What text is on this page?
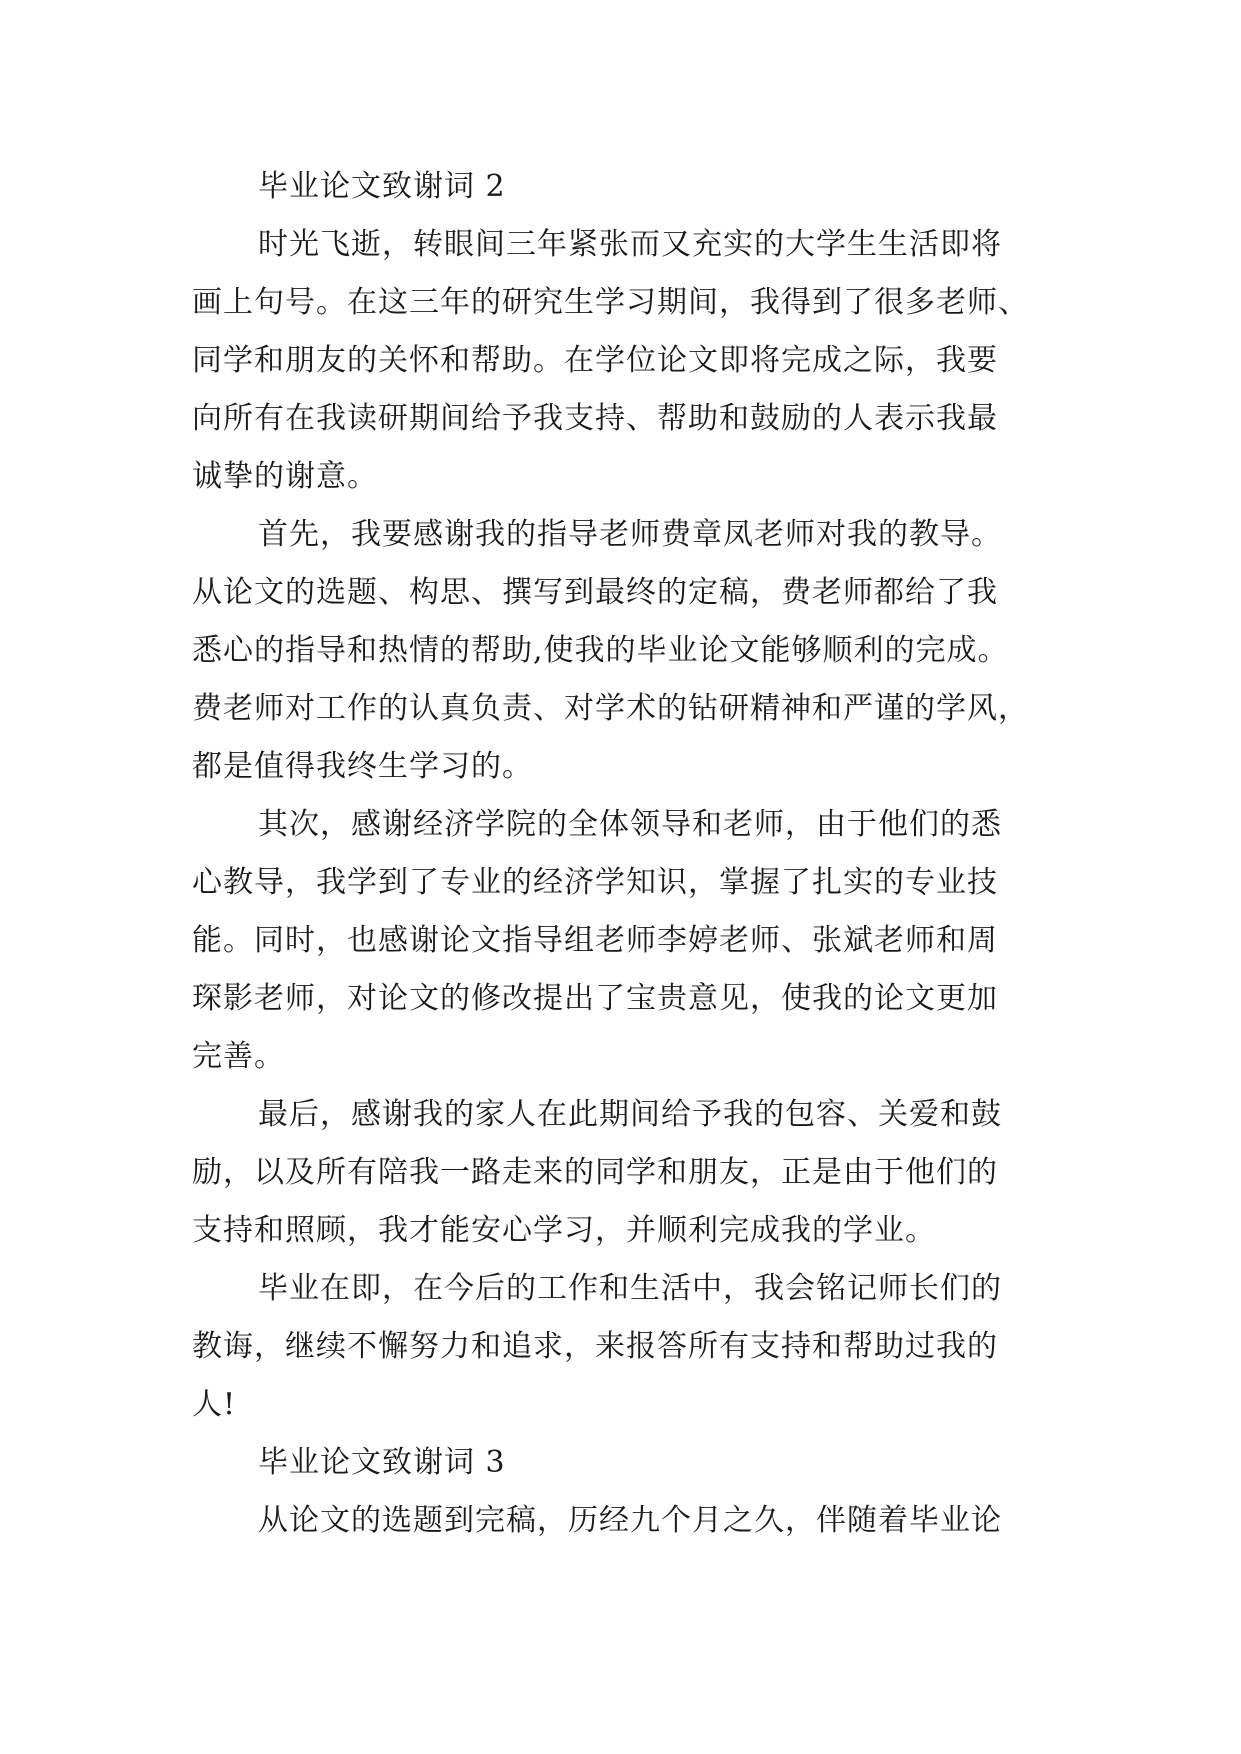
毕业论文致谢词 2
时光飞逝，转眼间三年紧张而又充实的大学生生活即将
画上句号。在这三年的研究生学习期间，我得到了很多老师、
同学和朋友的关怀和帮助。在学位论文即将完成之际，我要
向所有在我读研期间给予我支持、帮助和鼓励的人表示我最
诚挚的谢意。
首先，我要感谢我的指导老师费章凤老师对我的教导。
从论文的选题、构思、撰写到最终的定稿，费老师都给了我
悉心的指导和热情的帮助,使我的毕业论文能够顺利的完成。
费老师对工作的认真负责、对学术的钻研精神和严谨的学风，
都是值得我终生学习的。
其次，感谢经济学院的全体领导和老师，由于他们的悉
心教导，我学到了专业的经济学知识，掌握了扎实的专业技
能。同时，也感谢论文指导组老师李婷老师、张斌老师和周
琛影老师，对论文的修改提出了宝贵意见，使我的论文更加
完善。
最后，感谢我的家人在此期间给予我的包容、关爱和鼓
励，以及所有陪我一路走来的同学和朋友，正是由于他们的
支持和照顾，我才能安心学习，并顺利完成我的学业。
毕业在即，在今后的工作和生活中，我会铭记师长们的
教诲，继续不懈努力和追求，来报答所有支持和帮助过我的
人!
毕业论文致谢词 3
从论文的选题到完稿，历经九个月之久，伴随着毕业论
